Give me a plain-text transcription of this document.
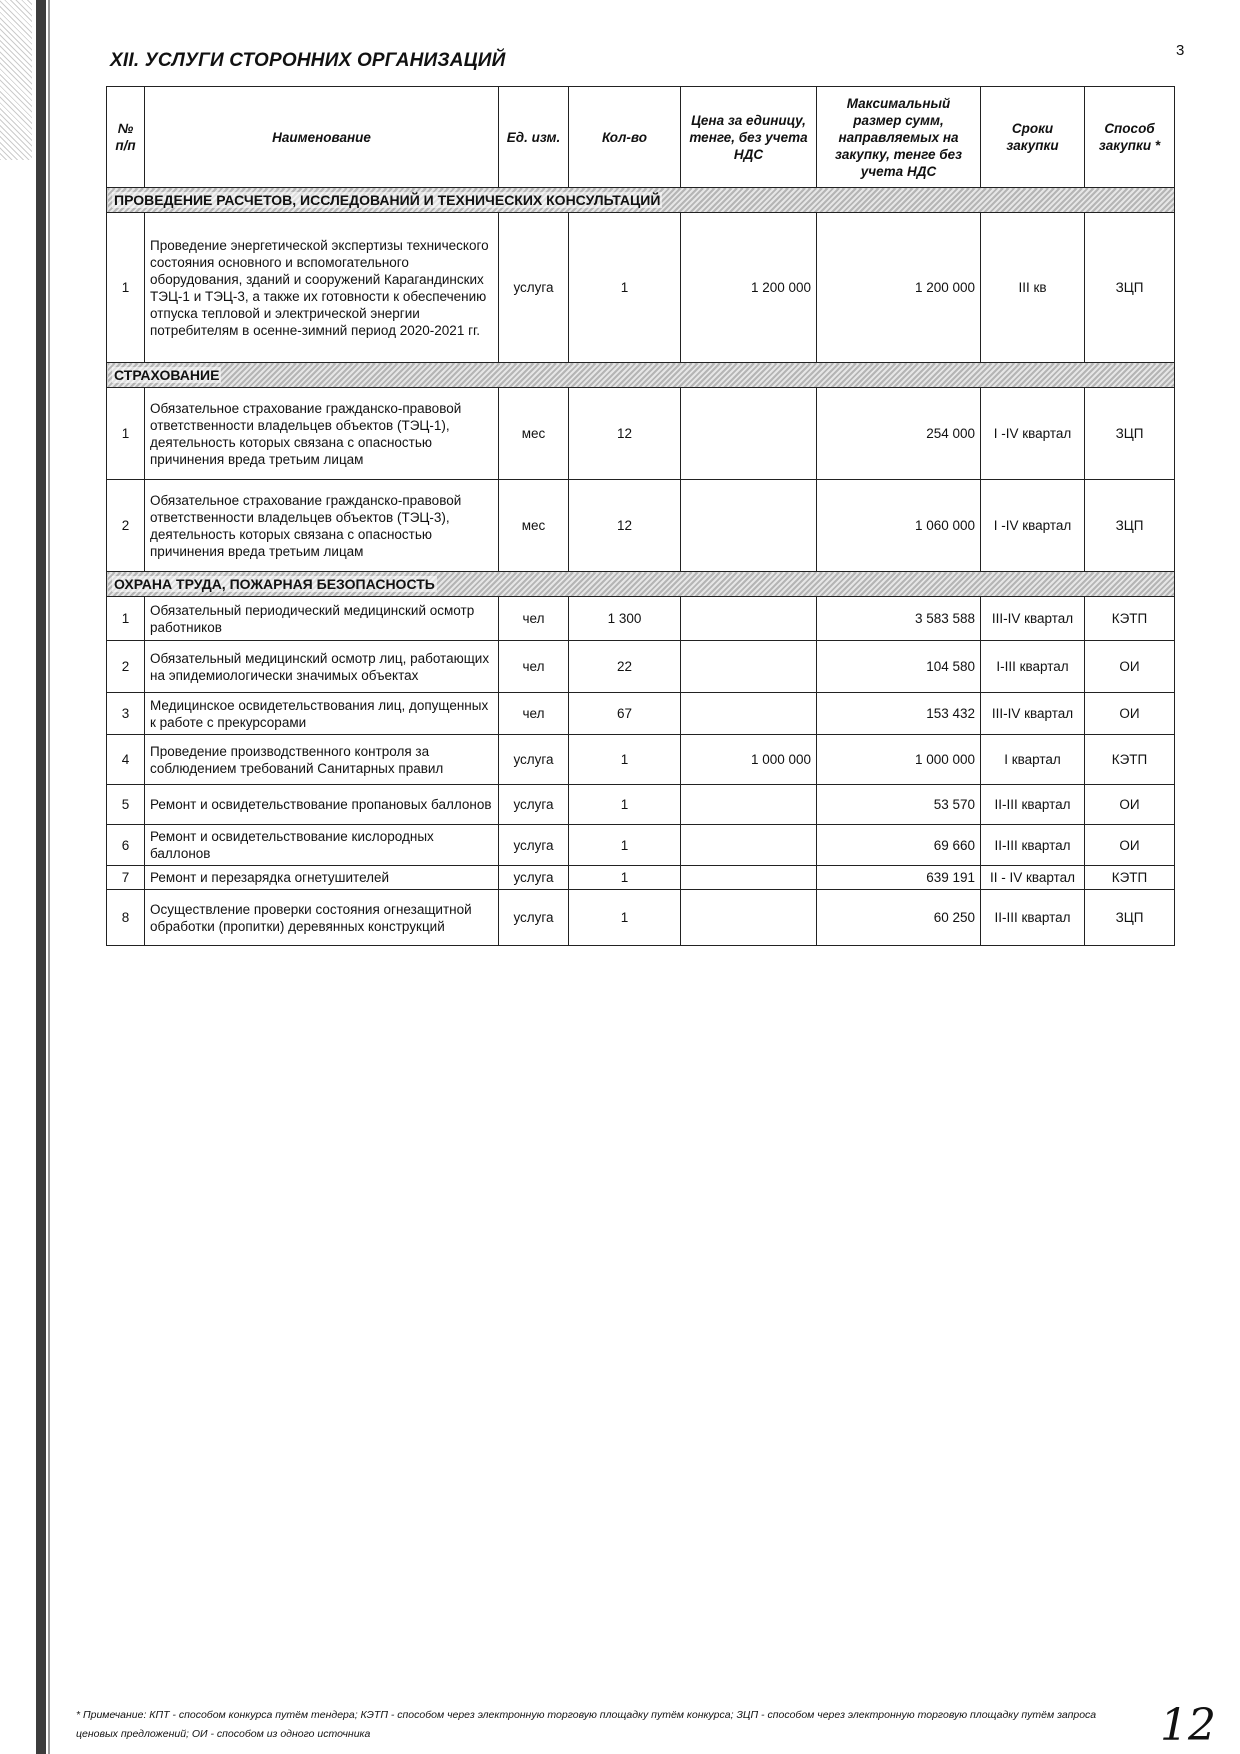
3
XII. УСЛУГИ СТОРОННИХ ОРГАНИЗАЦИЙ
№ п/п	Наименование	Ед. изм.	Кол-во	Цена за единицу, тенге, без учета НДС	Максимальный размер сумм, направляемых на закупку, тенге без учета НДС	Сроки закупки	Способ закупки *
ПРОВЕДЕНИЕ РАСЧЕТОВ, ИССЛЕДОВАНИЙ И ТЕХНИЧЕСКИХ КОНСУЛЬТАЦИЙ							
1	Проведение энергетической экспертизы технического состояния основного и вспомогательного оборудования, зданий и сооружений Карагандинских ТЭЦ-1 и ТЭЦ-3, а также их готовности к обеспечению отпуска тепловой и электрической энергии потребителям в осенне-зимний период 2020-2021 гг.	услуга	1	1 200 000	1 200 000	III кв	ЗЦП
СТРАХОВАНИЕ							
1	Обязательное страхование гражданско-правовой ответственности владельцев объектов (ТЭЦ-1), деятельность которых связана с опасностью причинения вреда третьим лицам	мес	12		254 000	I -IV квартал	ЗЦП
2	Обязательное страхование гражданско-правовой ответственности владельцев объектов (ТЭЦ-3), деятельность которых связана с опасностью причинения вреда третьим лицам	мес	12		1 060 000	I -IV квартал	ЗЦП
ОХРАНА ТРУДА, ПОЖАРНАЯ БЕЗОПАСНОСТЬ							
1	Обязательный периодический медицинский осмотр работников	чел	1 300		3 583 588	III-IV квартал	КЭТП
2	Обязательный медицинский осмотр лиц, работающих на эпидемиологически значимых объектах	чел	22		104 580	I-III квартал	ОИ
3	Медицинское освидетельствования лиц, допущенных к работе с прекурсорами	чел	67		153 432	III-IV квартал	ОИ
4	Проведение производственного контроля за соблюдением требований Санитарных правил	услуга	1	1 000 000	1 000 000	I квартал	КЭТП
5	Ремонт и освидетельствование пропановых баллонов	услуга	1		53 570	II-III квартал	ОИ
6	Ремонт и освидетельствование кислородных баллонов	услуга	1		69 660	II-III квартал	ОИ
7	Ремонт и перезарядка огнетушителей	услуга	1		639 191	II - IV квартал	КЭТП
8	Осуществление проверки состояния огнезащитной обработки (пропитки) деревянных конструкций	услуга	1		60 250	II-III квартал	ЗЦП
* Примечание: КПТ - способом конкурса путём тендера; КЭТП - способом через электронную торговую площадку путём конкурса; ЗЦП - способом через электронную торговую площадку путём запроса ценовых предложений; ОИ - способом из одного источника	12
